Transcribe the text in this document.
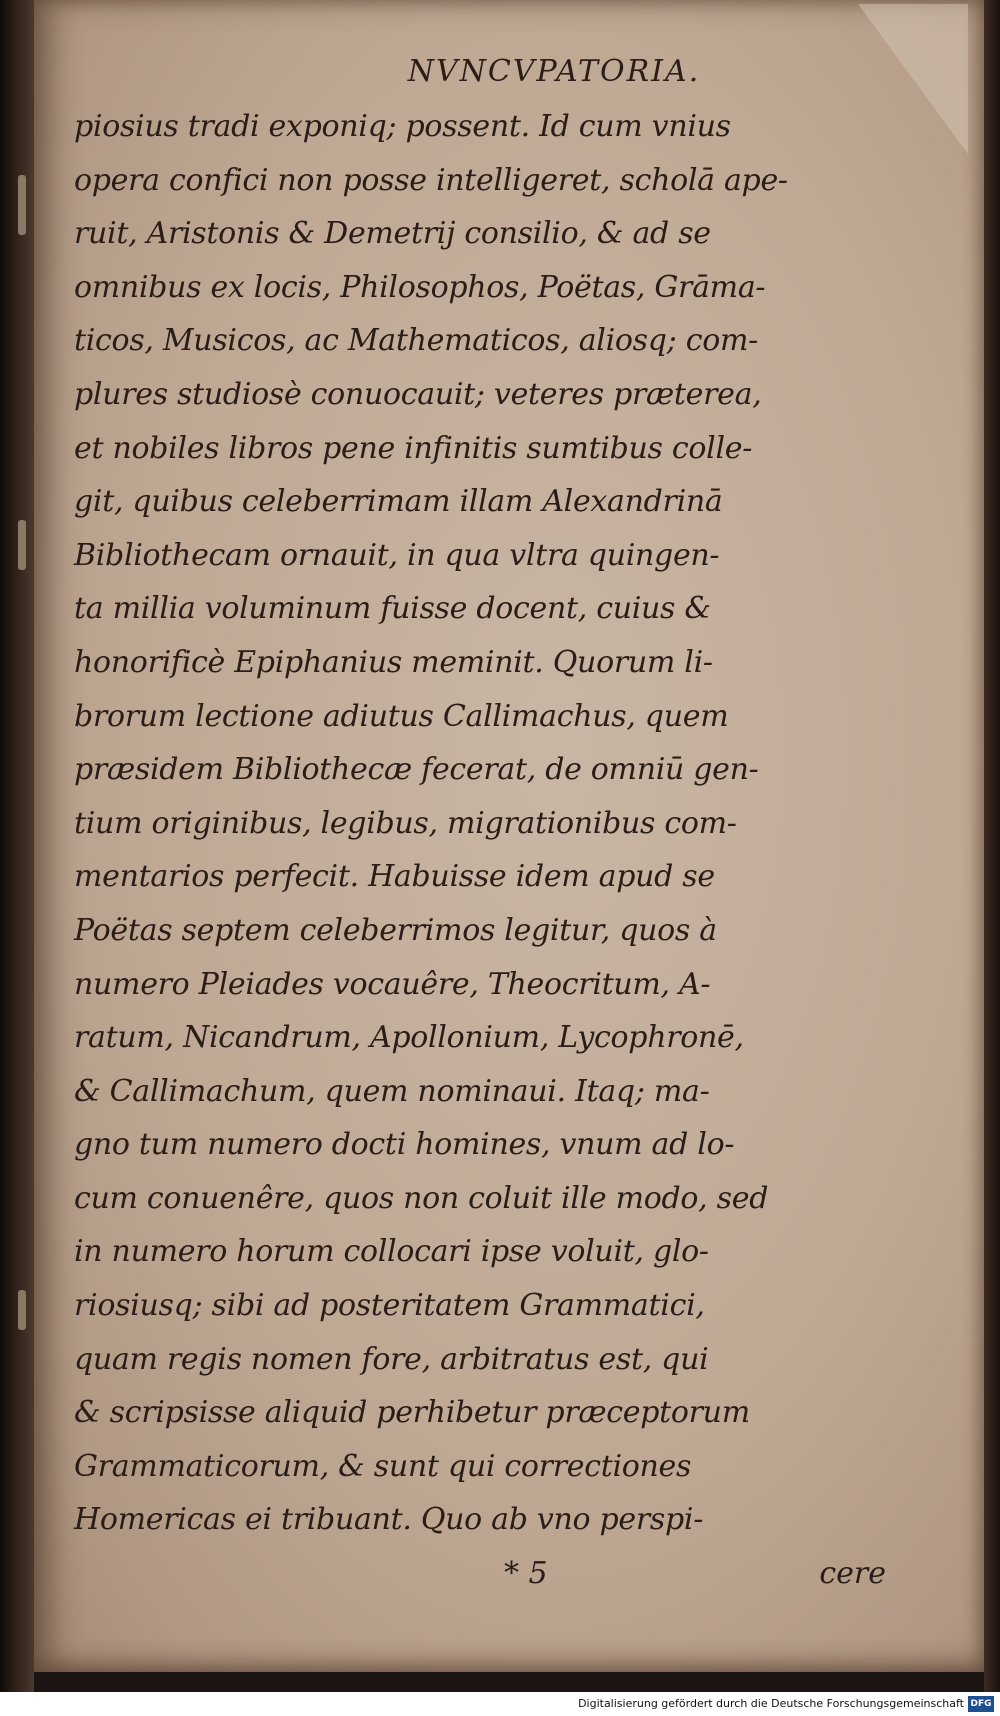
NVNCVPATORIA.
piosius tradi exponiq; possent. Id cum vnius
opera confici non posse intelligeret, scholā ape-
ruit, Aristonis & Demetrij consilio, & ad se
omnibus ex locis, Philosophos, Poëtas, Grāma-
ticos, Musicos, ac Mathematicos, aliosq; com-
plures studiosè conuocauit; veteres præterea,
et nobiles libros pene infinitis sumtibus colle-
git, quibus celeberrimam illam Alexandrinā
Bibliothecam ornauit, in qua vltra quingen-
ta millia voluminum fuisse docent, cuius &
honorificè Epiphanius meminit. Quorum li-
brorum lectione adiutus Callimachus, quem
præsidem Bibliothecæ fecerat, de omniū gen-
tium originibus, legibus, migrationibus com-
mentarios perfecit. Habuisse idem apud se
Poëtas septem celeberrimos legitur, quos à
numero Pleiades vocauêre, Theocritum, A-
ratum, Nicandrum, Apollonium, Lycophronē,
& Callimachum, quem nominaui. Itaq; ma-
gno tum numero docti homines, vnum ad lo-
cum conuenêre, quos non coluit ille modo, sed
in numero horum collocari ipse voluit, glo-
riosiusq; sibi ad posteritatem Grammatici,
quam regis nomen fore, arbitratus est, qui
& scripsisse aliquid perhibetur præceptorum
Grammaticorum, & sunt qui correctiones
Homericas ei tribuant. Quo ab vno perspi-
* 5	cere
Digitalisierung gefördert durch die Deutsche Forschungsgemeinschaft DFG
